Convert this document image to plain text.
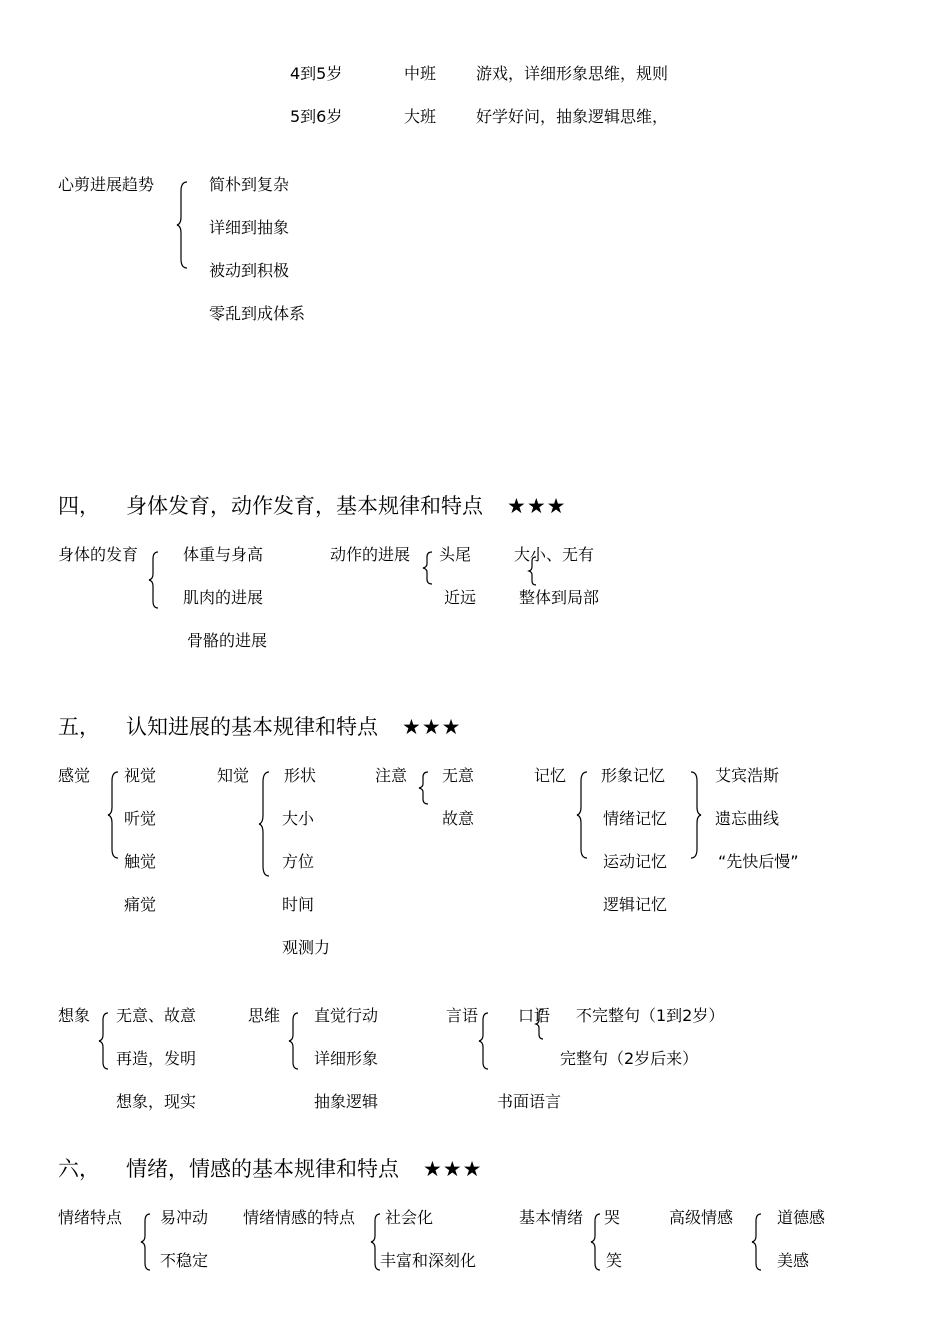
4到5岁	中班 游戏，详细形象思维，规则
5到6岁	大班 好学好问，抽象逻辑思维，
心剪进展趋势	简朴到复杂
详细到抽象
被动到积极
零乱到成体系
四， 身体发育，动作发育，基本规律和特点 ★★★
身体的发育	体重与身高
肌肉的进展
骨骼的进展
动作的进展 头尾
近远
大小、无有
整体到局部
五， 认知进展的基本规律和特点 ★★★
感觉 视觉
听觉
触觉
痛觉
知觉 形状
大小
方位
时间
观测力
注意 无意
故意
记忆 形象记忆
情绪记忆
运动记忆
逻辑记忆
艾宾浩斯
遗忘曲线
“先快后慢”
想象 无意、故意
再造，发明
想象，现实
思维 直觉行动
详细形象
抽象逻辑
言语 口语 不完整句（1到2岁）
完整句（2岁后来）
书面语言
六， 情绪，情感的基本规律和特点 ★★★
情绪特点 易冲动
不稳定
情绪情感的特点 社会化
丰富和深刻化
基本情绪 哭
笑
高级情感	道德感
美感
